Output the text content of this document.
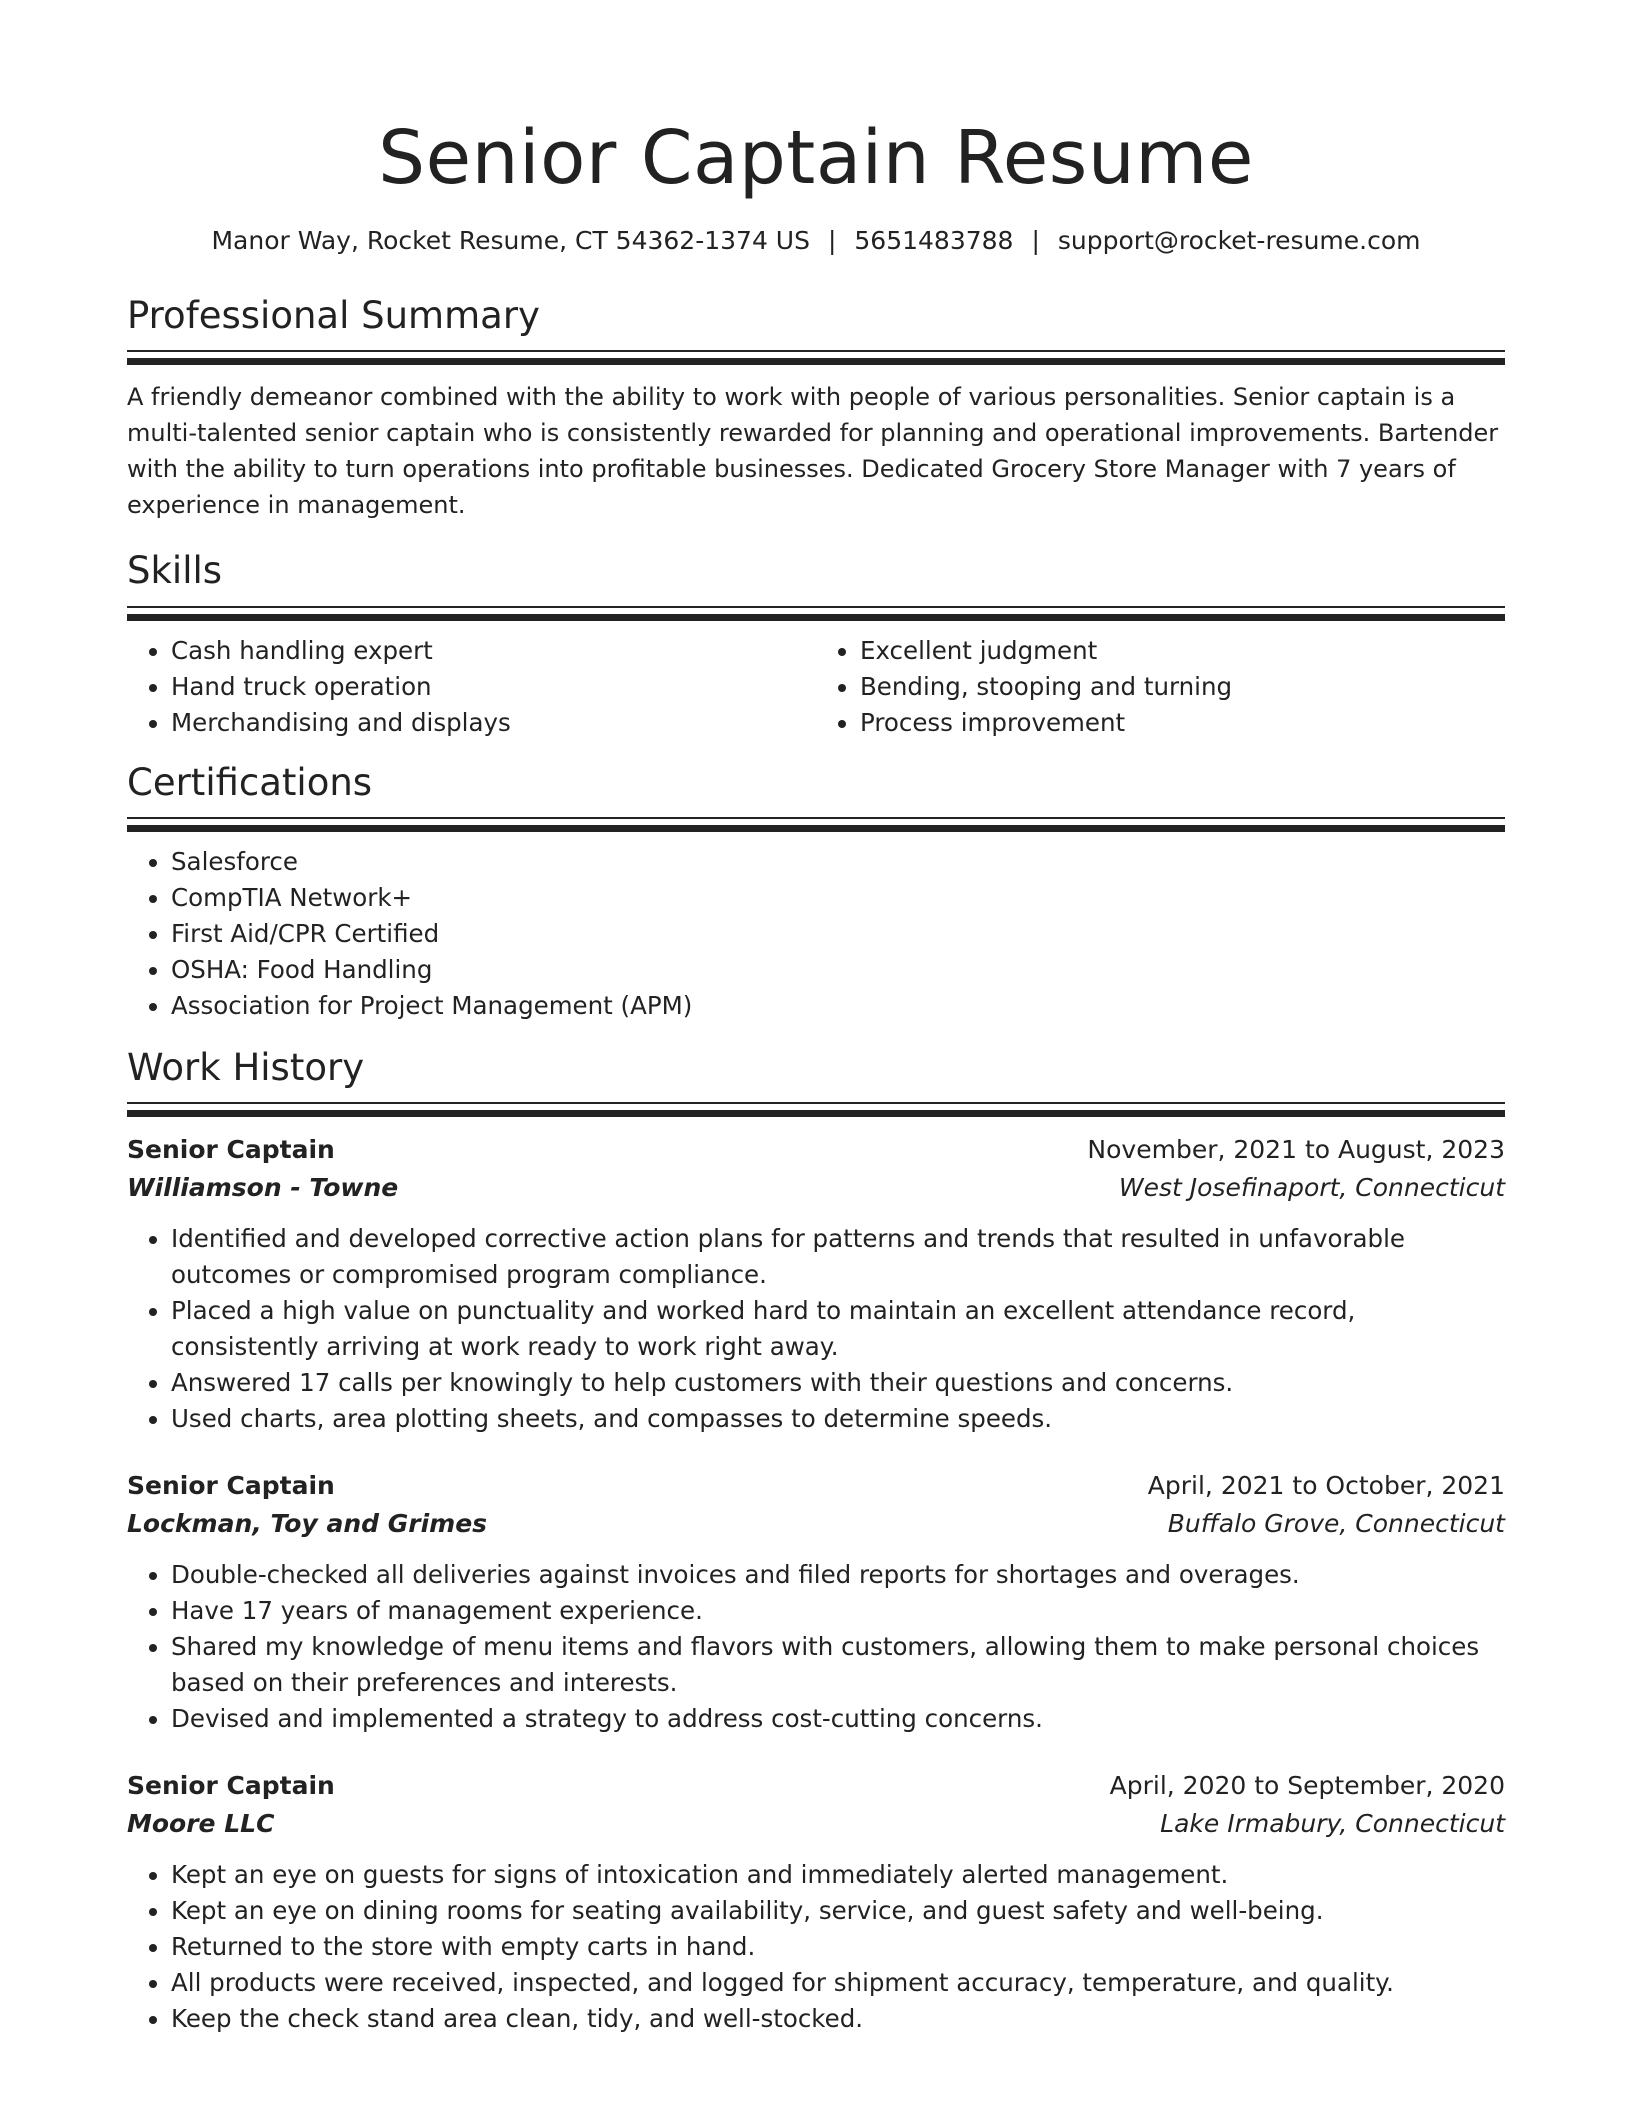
Senior Captain Resume
Manor Way, Rocket Resume, CT 54362-1374 US | 5651483788 | support@rocket-resume.com
Professional Summary

A friendly demeanor combined with the ability to work with people of various personalities. Senior captain is a multi-talented senior captain who is consistently rewarded for planning and operational improvements. Bartender with the ability to turn operations into profitable businesses. Dedicated Grocery Store Manager with 7 years of experience in management.

Skills
• Cash handling expert
• Hand truck operation
• Merchandising and displays
• Excellent judgment
• Bending, stooping and turning
• Process improvement
Certifications
• Salesforce
• CompTIA Network+
• First Aid/CPR Certified
• OSHA: Food Handling
• Association for Project Management (APM)
Work History
Senior Captain	November, 2021 to August, 2023
Williamson - Towne	West Josefinaport, Connecticut
• Identified and developed corrective action plans for patterns and trends that resulted in unfavorable outcomes or compromised program compliance.
• Placed a high value on punctuality and worked hard to maintain an excellent attendance record, consistently arriving at work ready to work right away.
• Answered 17 calls per knowingly to help customers with their questions and concerns.
• Used charts, area plotting sheets, and compasses to determine speeds.
Senior Captain	April, 2021 to October, 2021
Lockman, Toy and Grimes	Buffalo Grove, Connecticut
• Double-checked all deliveries against invoices and filed reports for shortages and overages.
• Have 17 years of management experience.
• Shared my knowledge of menu items and flavors with customers, allowing them to make personal choices based on their preferences and interests.
• Devised and implemented a strategy to address cost-cutting concerns.
Senior Captain	April, 2020 to September, 2020
Moore LLC	Lake Irmabury, Connecticut
• Kept an eye on guests for signs of intoxication and immediately alerted management.
• Kept an eye on dining rooms for seating availability, service, and guest safety and well-being.
• Returned to the store with empty carts in hand.
• All products were received, inspected, and logged for shipment accuracy, temperature, and quality.
• Keep the check stand area clean, tidy, and well-stocked.
